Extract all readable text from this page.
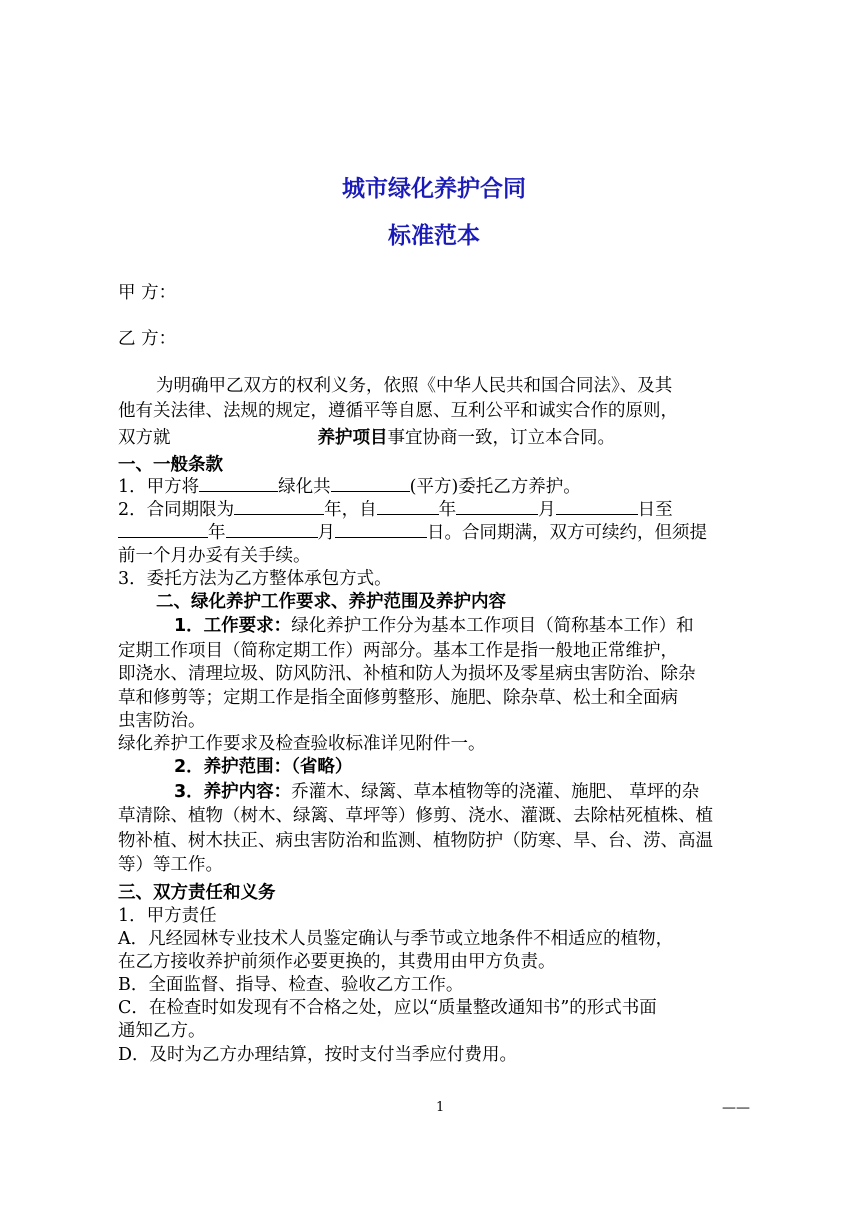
城市绿化养护合同
标准范本
甲 方：
乙 方：
为明确甲乙双方的权利义务，依照《中华人民共和国合同法》、及其
他有关法律、法规的规定，遵循平等自愿、互利公平和诚实合作的原则，
双方就	养护项目事宜协商一致，订立本合同。
一、一般条款
1．甲方将	绿化共	(平方)委托乙方养护。
2．合同期限为	年，自	年	月	日至
年	月	日。合同期满，双方可续约，但须提
前一个月办妥有关手续。
3．委托方法为乙方整体承包方式。
二、绿化养护工作要求、养护范围及养护内容
1．工作要求：绿化养护工作分为基本工作项目（简称基本工作）和
定期工作项目（简称定期工作）两部分。基本工作是指一般地正常维护，
即浇水、清理垃圾、防风防汛、补植和防人为损坏及零星病虫害防治、除杂
草和修剪等；定期工作是指全面修剪整形、施肥、除杂草、松土和全面病
虫害防治。
绿化养护工作要求及检查验收标准详见附件一。
2．养护范围：（省略）
3．养护内容：乔灌木、绿篱、草本植物等的浇灌、施肥、 草坪的杂
草清除、植物（树木、绿篱、草坪等）修剪、浇水、灌溉、去除枯死植株、植
物补植、树木扶正、病虫害防治和监测、植物防护（防寒、旱、台、涝、高温
等）等工作。
三、双方责任和义务
1．甲方责任
A．凡经园林专业技术人员鉴定确认与季节或立地条件不相适应的植物，
在乙方接收养护前须作必要更换的，其费用由甲方负责。
B．全面监督、指导、检查、验收乙方工作。
C．在检查时如发现有不合格之处，应以“质量整改通知书”的形式书面
通知乙方。
D．及时为乙方办理结算，按时支付当季应付费用。
1	——
